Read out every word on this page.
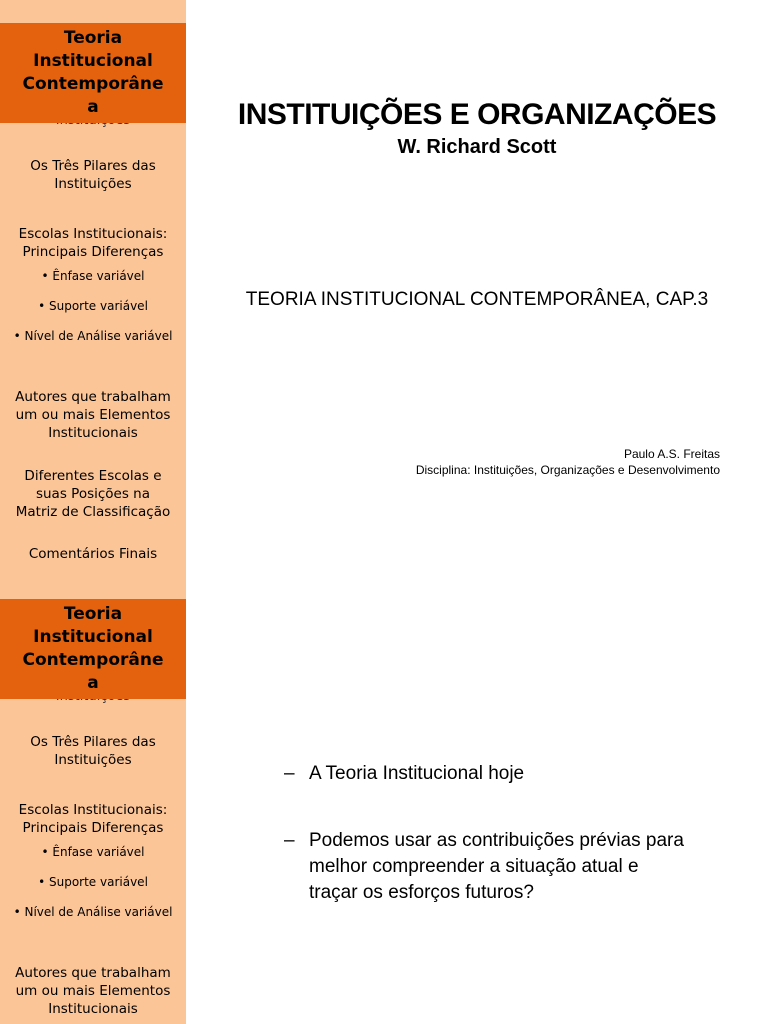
Teoria
Institucional
Contemporâne
a
Os Três Pilares das Instituições
Escolas Institucionais: Principais Diferenças
• Ênfase variável
• Suporte variável
• Nível de Análise variável
Autores que trabalham um ou mais Elementos Institucionais
Diferentes Escolas e suas Posições na Matriz de Classificação
Comentários Finais
INSTITUIÇÕES E ORGANIZAÇÕES
W. Richard Scott
TEORIA INSTITUCIONAL CONTEMPORÂNEA, CAP.3
Paulo A.S. Freitas
Disciplina: Instituições, Organizações e Desenvolvimento
Teoria
Institucional
Contemporâne
a
Os Três Pilares das Instituições
Escolas Institucionais: Principais Diferenças
• Ênfase variável
• Suporte variável
• Nível de Análise variável
Autores que trabalham um ou mais Elementos Institucionais
– A Teoria Institucional hoje
– Podemos usar as contribuições prévias para  melhor compreender a situação atual e    traçar os esforços futuros?
